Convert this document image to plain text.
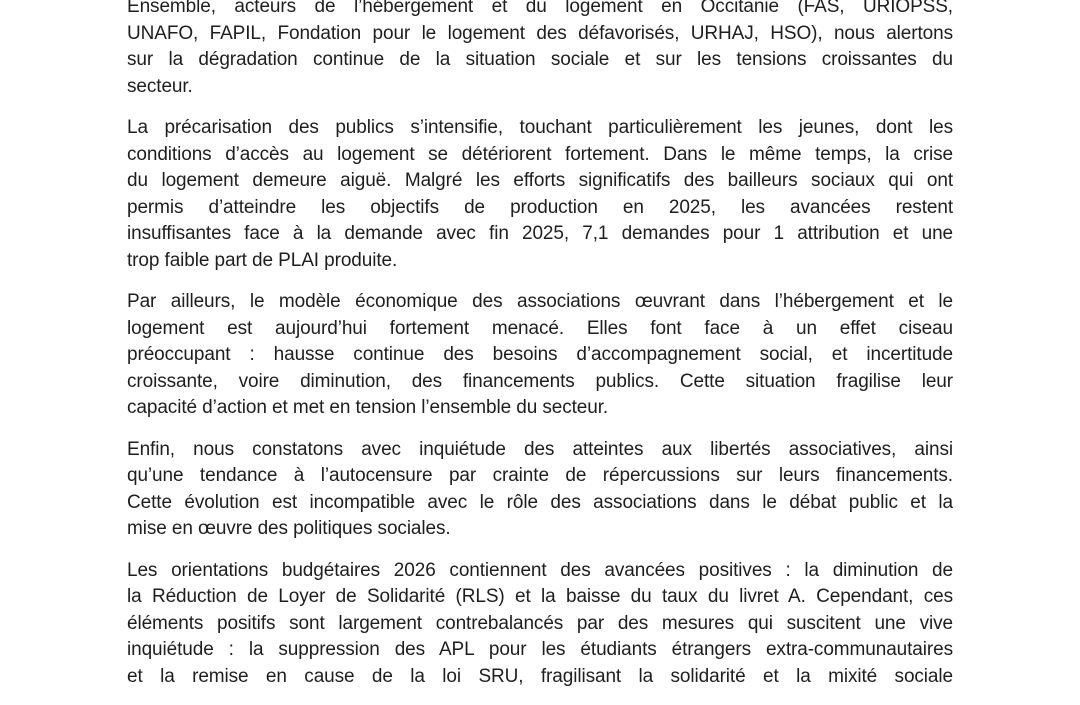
Ensemble, acteurs de l’hébergement et du logement en Occitanie (FAS, URIOPSS,
UNAFO, FAPIL, Fondation pour le logement des défavorisés, URHAJ, HSO), nous alertons
sur la dégradation continue de la situation sociale et sur les tensions croissantes du
secteur.

La précarisation des publics s’intensifie, touchant particulièrement les jeunes, dont les
conditions d’accès au logement se détériorent fortement. Dans le même temps, la crise
du logement demeure aiguë. Malgré les efforts significatifs des bailleurs sociaux qui ont
permis d’atteindre les objectifs de production en 2025, les avancées restent
insuffisantes face à la demande avec fin 2025, 7,1 demandes pour 1 attribution et une
trop faible part de PLAI produite.

Par ailleurs, le modèle économique des associations œuvrant dans l’hébergement et le
logement est aujourd’hui fortement menacé. Elles font face à un effet ciseau
préoccupant : hausse continue des besoins d’accompagnement social, et incertitude
croissante, voire diminution, des financements publics. Cette situation fragilise leur
capacité d’action et met en tension l’ensemble du secteur.

Enfin, nous constatons avec inquiétude des atteintes aux libertés associatives, ainsi
qu’une tendance à l’autocensure par crainte de répercussions sur leurs financements.
Cette évolution est incompatible avec le rôle des associations dans le débat public et la
mise en œuvre des politiques sociales.

Les orientations budgétaires 2026 contiennent des avancées positives : la diminution de
la Réduction de Loyer de Solidarité (RLS) et la baisse du taux du livret A. Cependant, ces
éléments positifs sont largement contrebalancés par des mesures qui suscitent une vive
inquiétude : la suppression des APL pour les étudiants étrangers extra-communautaires
et la remise en cause de la loi SRU, fragilisant la solidarité et la mixité sociale
